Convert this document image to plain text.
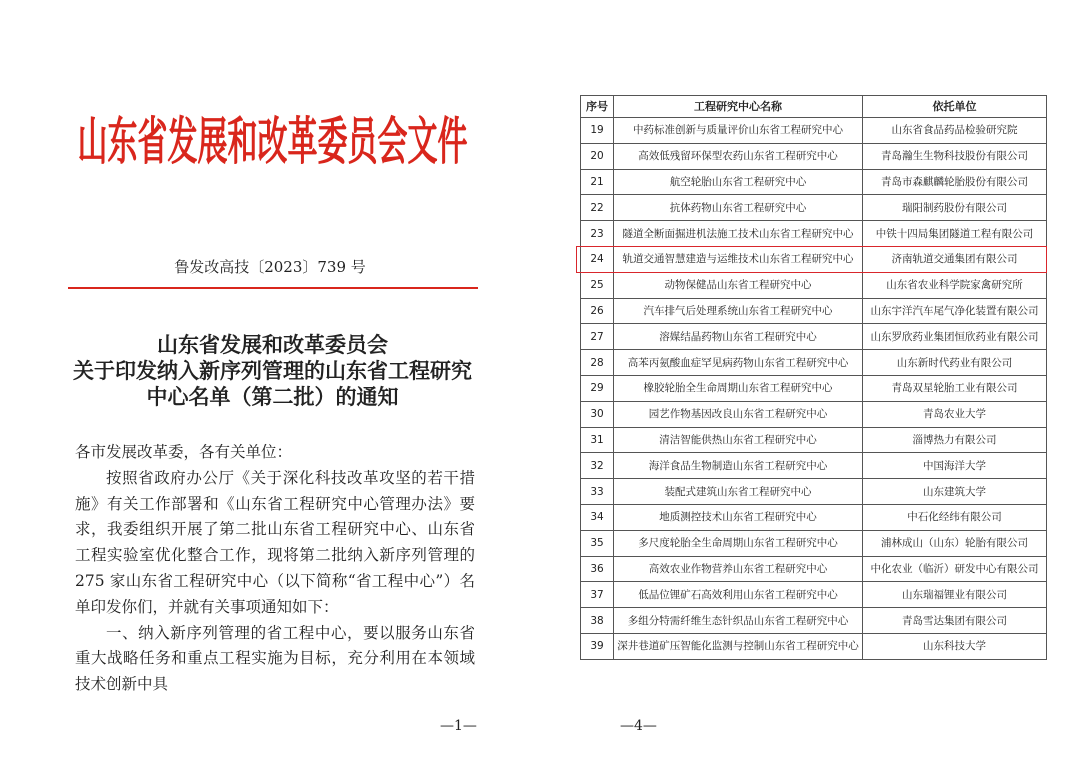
山东省发展和改革委员会文件
鲁发改高技〔2023〕739 号
山东省发展和改革委员会
关于印发纳入新序列管理的山东省工程研究
中心名单（第二批）的通知

各市发展改革委，各有关单位：

按照省政府办公厅《关于深化科技改革攻坚的若干措施》有关工作部署和《山东省工程研究中心管理办法》要求，我委组织开展了第二批山东省工程研究中心、山东省工程实验室优化整合工作，现将第二批纳入新序列管理的 275 家山东省工程研究中心（以下简称“省工程中心”）名单印发你们，并就有关事项通知如下：

一、纳入新序列管理的省工程中心，要以服务山东省重大战略任务和重点工程实施为目标，充分利用在本领域技术创新中具

—1—
序号	工程研究中心名称	依托单位
19	中药标准创新与质量评价山东省工程研究中心	山东省食品药品检验研究院
20	高效低残留环保型农药山东省工程研究中心	青岛瀚生生物科技股份有限公司
21	航空轮胎山东省工程研究中心	青岛市森麒麟轮胎股份有限公司
22	抗体药物山东省工程研究中心	瑞阳制药股份有限公司
23	隧道全断面掘进机法施工技术山东省工程研究中心	中铁十四局集团隧道工程有限公司
24	轨道交通智慧建造与运维技术山东省工程研究中心	济南轨道交通集团有限公司
25	动物保健品山东省工程研究中心	山东省农业科学院家禽研究所
26	汽车排气后处理系统山东省工程研究中心	山东宇洋汽车尾气净化装置有限公司
27	溶媒结晶药物山东省工程研究中心	山东罗欣药业集团恒欣药业有限公司
28	高苯丙氨酸血症罕见病药物山东省工程研究中心	山东新时代药业有限公司
29	橡胶轮胎全生命周期山东省工程研究中心	青岛双星轮胎工业有限公司
30	园艺作物基因改良山东省工程研究中心	青岛农业大学
31	清洁智能供热山东省工程研究中心	淄博热力有限公司
32	海洋食品生物制造山东省工程研究中心	中国海洋大学
33	装配式建筑山东省工程研究中心	山东建筑大学
34	地质测控技术山东省工程研究中心	中石化经纬有限公司
35	多尺度轮胎全生命周期山东省工程研究中心	浦林成山（山东）轮胎有限公司
36	高效农业作物营养山东省工程研究中心	中化农业（临沂）研发中心有限公司
37	低品位锂矿石高效利用山东省工程研究中心	山东瑞福锂业有限公司
38	多组分特需纤维生态针织品山东省工程研究中心	青岛雪达集团有限公司
39	深井巷道矿压智能化监测与控制山东省工程研究中心	山东科技大学
—4—
